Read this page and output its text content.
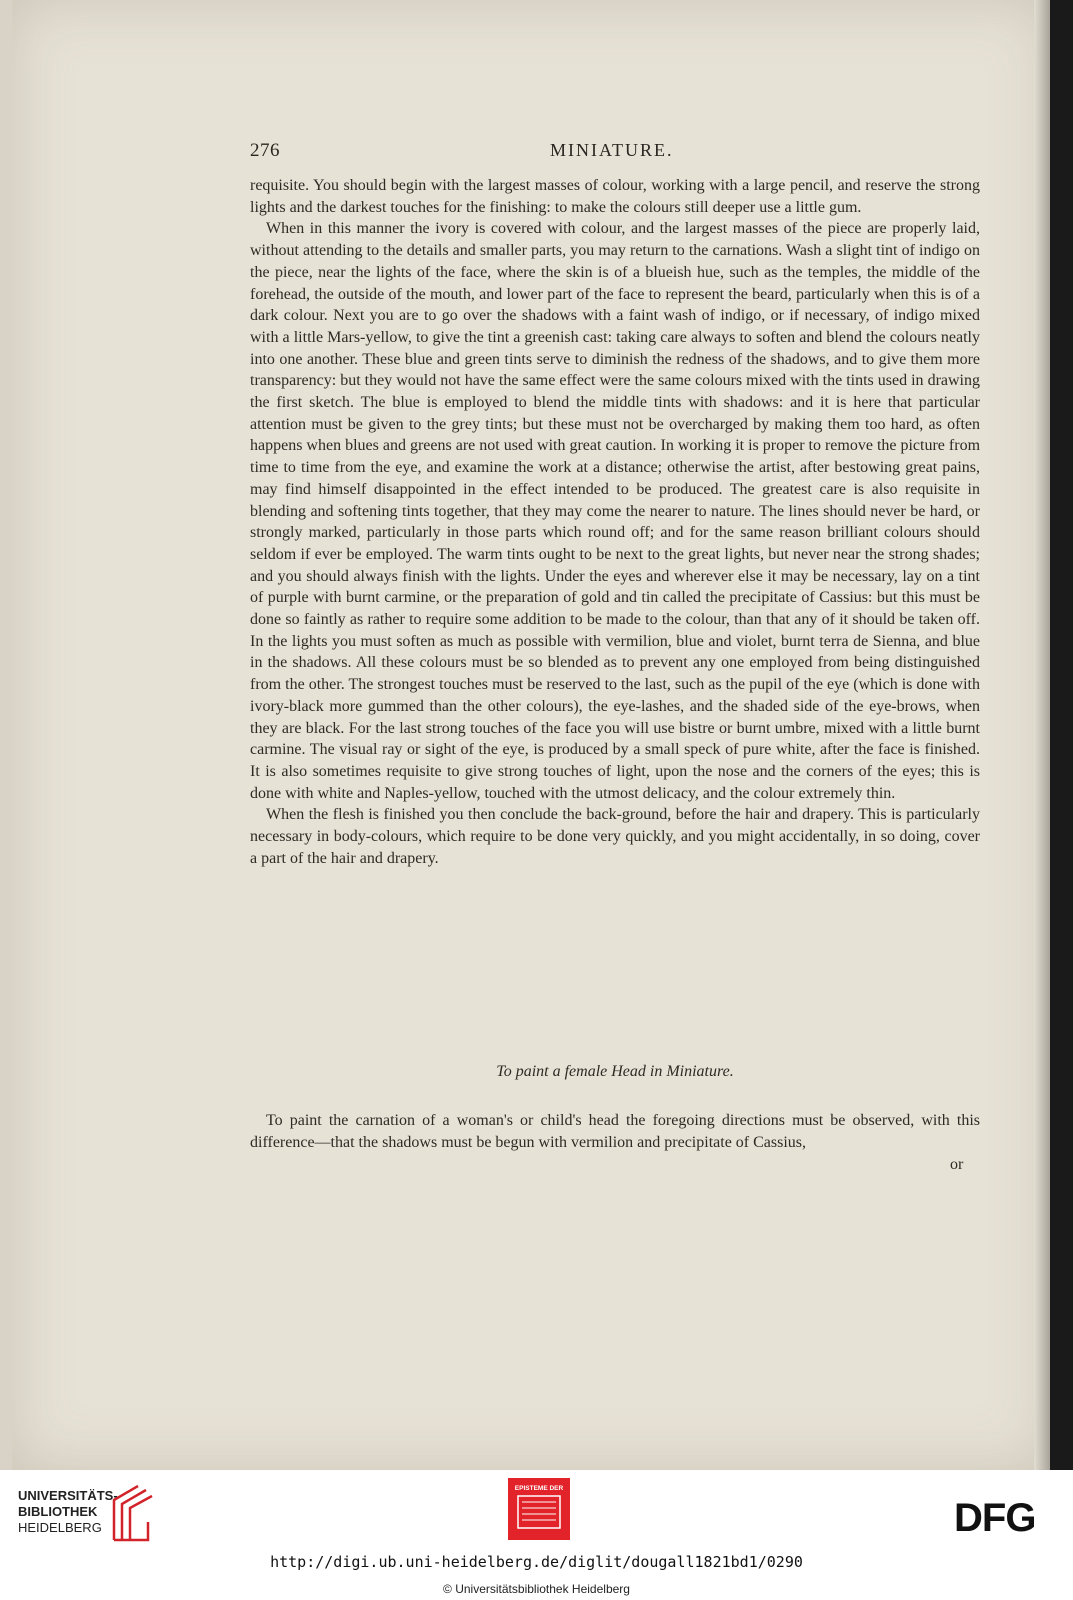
276	MINIATURE.

requisite. You should begin with the largest masses of colour, working with a large pencil, and reserve the strong lights and the darkest touches for the finishing: to make the colours still deeper use a little gum.

When in this manner the ivory is covered with colour, and the largest masses of the piece are properly laid, without attending to the details and smaller parts, you may return to the carnations. Wash a slight tint of indigo on the piece, near the lights of the face, where the skin is of a blueish hue, such as the temples, the middle of the forehead, the outside of the mouth, and lower part of the face to represent the beard, particularly when this is of a dark colour. Next you are to go over the shadows with a faint wash of indigo, or if necessary, of indigo mixed with a little Mars-yellow, to give the tint a greenish cast: taking care always to soften and blend the colours neatly into one another. These blue and green tints serve to diminish the redness of the shadows, and to give them more transparency: but they would not have the same effect were the same colours mixed with the tints used in drawing the first sketch. The blue is employed to blend the middle tints with shadows: and it is here that particular attention must be given to the grey tints; but these must not be overcharged by making them too hard, as often happens when blues and greens are not used with great caution. In working it is proper to remove the picture from time to time from the eye, and examine the work at a distance; otherwise the artist, after bestowing great pains, may find himself disappointed in the effect intended to be produced. The greatest care is also requisite in blending and softening tints together, that they may come the nearer to nature. The lines should never be hard, or strongly marked, particularly in those parts which round off; and for the same reason brilliant colours should seldom if ever be employed. The warm tints ought to be next to the great lights, but never near the strong shades; and you should always finish with the lights. Under the eyes and wherever else it may be necessary, lay on a tint of purple with burnt carmine, or the preparation of gold and tin called the precipitate of Cassius: but this must be done so faintly as rather to require some addition to be made to the colour, than that any of it should be taken off. In the lights you must soften as much as possible with vermilion, blue and violet, burnt terra de Sienna, and blue in the shadows. All these colours must be so blended as to prevent any one employed from being distinguished from the other. The strongest touches must be reserved to the last, such as the pupil of the eye (which is done with ivory-black more gummed than the other colours), the eye-lashes, and the shaded side of the eye-brows, when they are black. For the last strong touches of the face you will use bistre or burnt umbre, mixed with a little burnt carmine. The visual ray or sight of the eye, is produced by a small speck of pure white, after the face is finished. It is also sometimes requisite to give strong touches of light, upon the nose and the corners of the eyes; this is done with white and Naples-yellow, touched with the utmost delicacy, and the colour extremely thin.

When the flesh is finished you then conclude the back-ground, before the hair and drapery. This is particularly necessary in body-colours, which require to be done very quickly, and you might accidentally, in so doing, cover a part of the hair and drapery.

To paint a female Head in Miniature.
To paint the carnation of a woman's or child's head the foregoing directions must be observed, with this difference—that the shadows must be begun with vermilion and precipitate of Cassius,
or
UNIVERSITÄTS-
BIBLIOTHEK
HEIDELBERG
EPISTEME DER
DFG
http://digi.ub.uni-heidelberg.de/diglit/dougall1821bd1/0290
© Universitätsbibliothek Heidelberg
